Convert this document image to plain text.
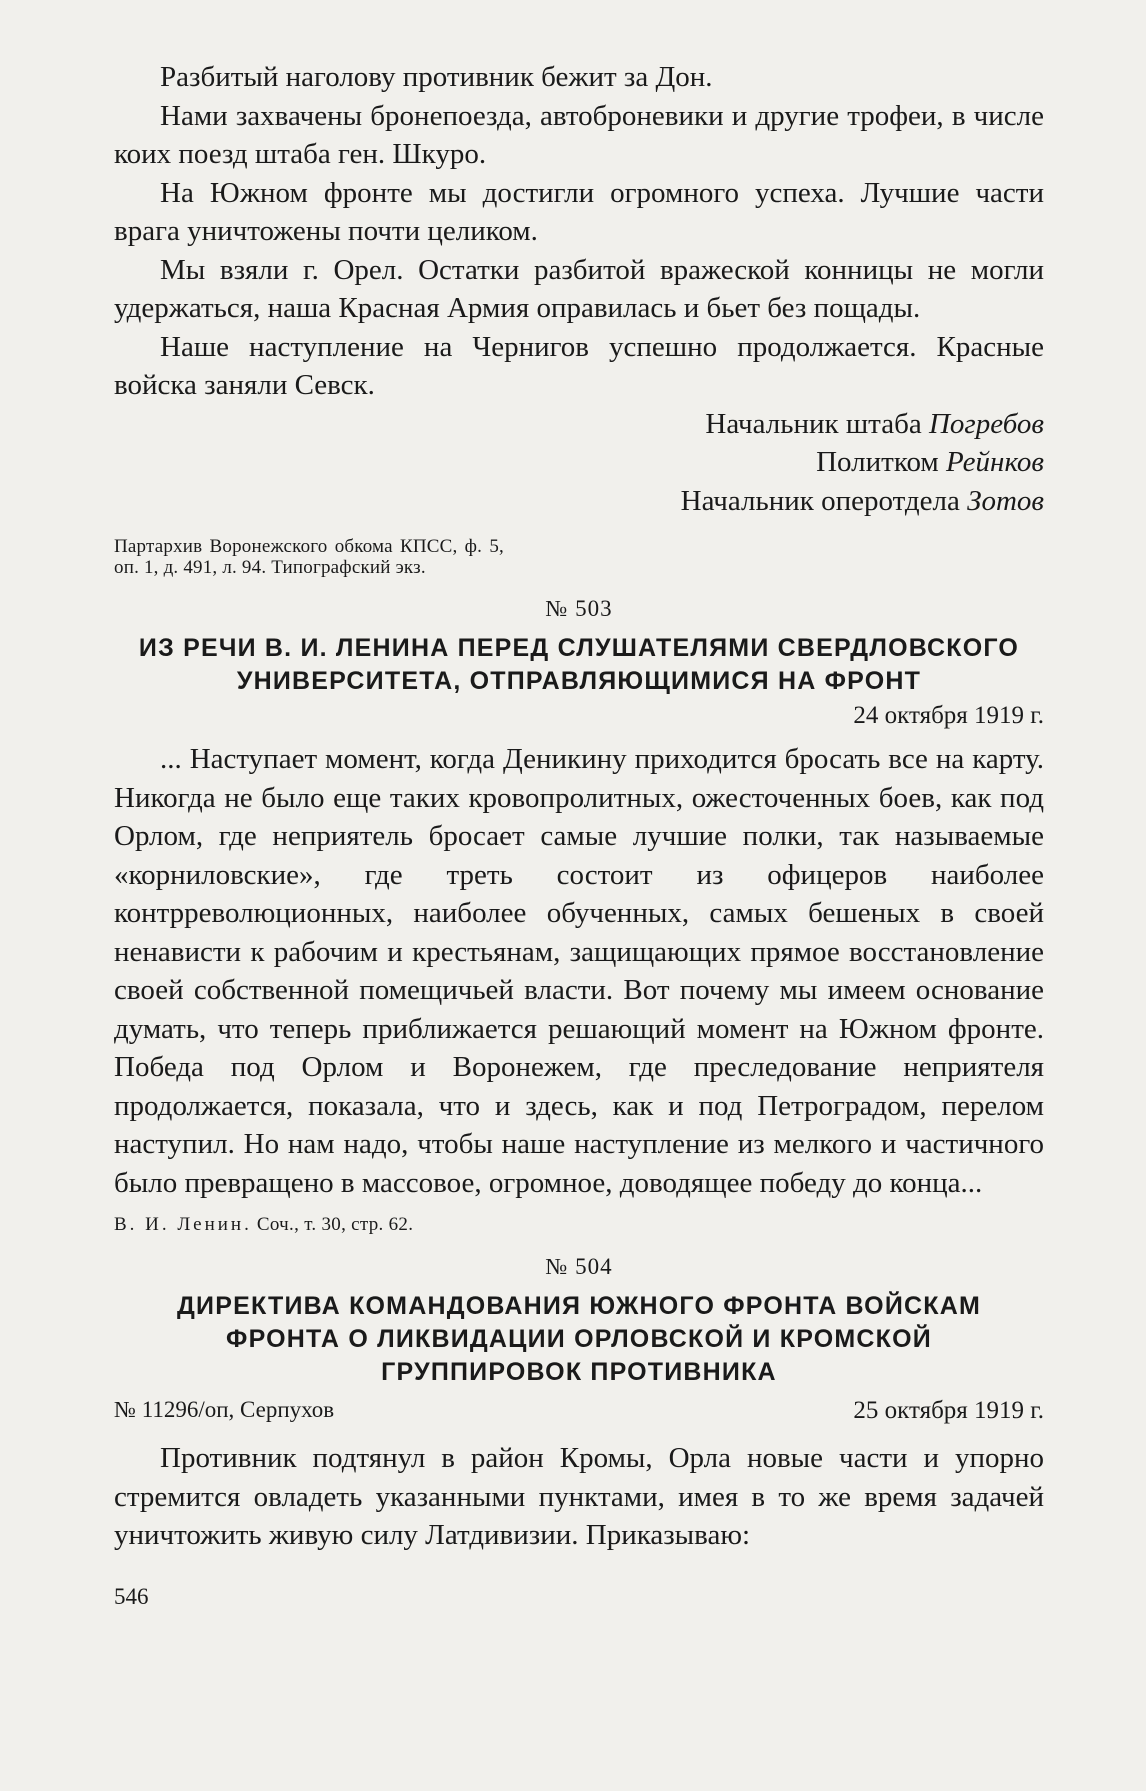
Разбитый наголову противник бежит за Дон.

Нами захвачены бронепоезда, автоброневики и другие трофеи, в числе коих поезд штаба ген. Шкуро.

На Южном фронте мы достигли огромного успеха. Лучшие части врага уничтожены почти целиком.

Мы взяли г. Орел. Остатки разбитой вражеской конницы не могли удержаться, наша Красная Армия оправилась и бьет без пощады.

Наше наступление на Чернигов успешно продолжается. Красные войска заняли Севск.

Начальник штаба Погребов

Политком Рейнков

Начальник оперотдела Зотов

Партархив Воронежского обкома КПСС, ф. 5, оп. 1, д. 491, л. 94. Типографский экз.
№ 503
ИЗ РЕЧИ В. И. ЛЕНИНА ПЕРЕД СЛУШАТЕЛЯМИ СВЕРДЛОВСКОГО
УНИВЕРСИТЕТА, ОТПРАВЛЯЮЩИМИСЯ НА ФРОНТ
24 октября 1919 г.

... Наступает момент, когда Деникину приходится бросать все на карту. Никогда не было еще таких кровопролитных, ожесточенных боев, как под Орлом, где неприятель бросает самые лучшие полки, так называемые «корниловские», где треть состоит из офицеров наиболее контрреволюционных, наиболее обученных, самых бешеных в своей ненависти к рабочим и крестьянам, защищающих прямое восстановление своей собственной помещичьей власти. Вот почему мы имеем основание думать, что теперь приближается решающий момент на Южном фронте. Победа под Орлом и Воронежем, где преследование неприятеля продолжается, показала, что и здесь, как и под Петроградом, перелом наступил. Но нам надо, чтобы наше наступление из мелкого и частичного было превращено в массовое, огромное, доводящее победу до конца...

В. И. Ленин. Соч., т. 30, стр. 62.
№ 504
ДИРЕКТИВА КОМАНДОВАНИЯ ЮЖНОГО ФРОНТА ВОЙСКАМ
ФРОНТА О ЛИКВИДАЦИИ ОРЛОВСКОЙ И КРОМСКОЙ
ГРУППИРОВОК ПРОТИВНИКА
№ 11296/оп, Серпухов	25 октября 1919 г.

Противник подтянул в район Кромы, Орла новые части и упорно стремится овладеть указанными пунктами, имея в то же время задачей уничтожить живую силу Латдивизии. Приказываю:

546
